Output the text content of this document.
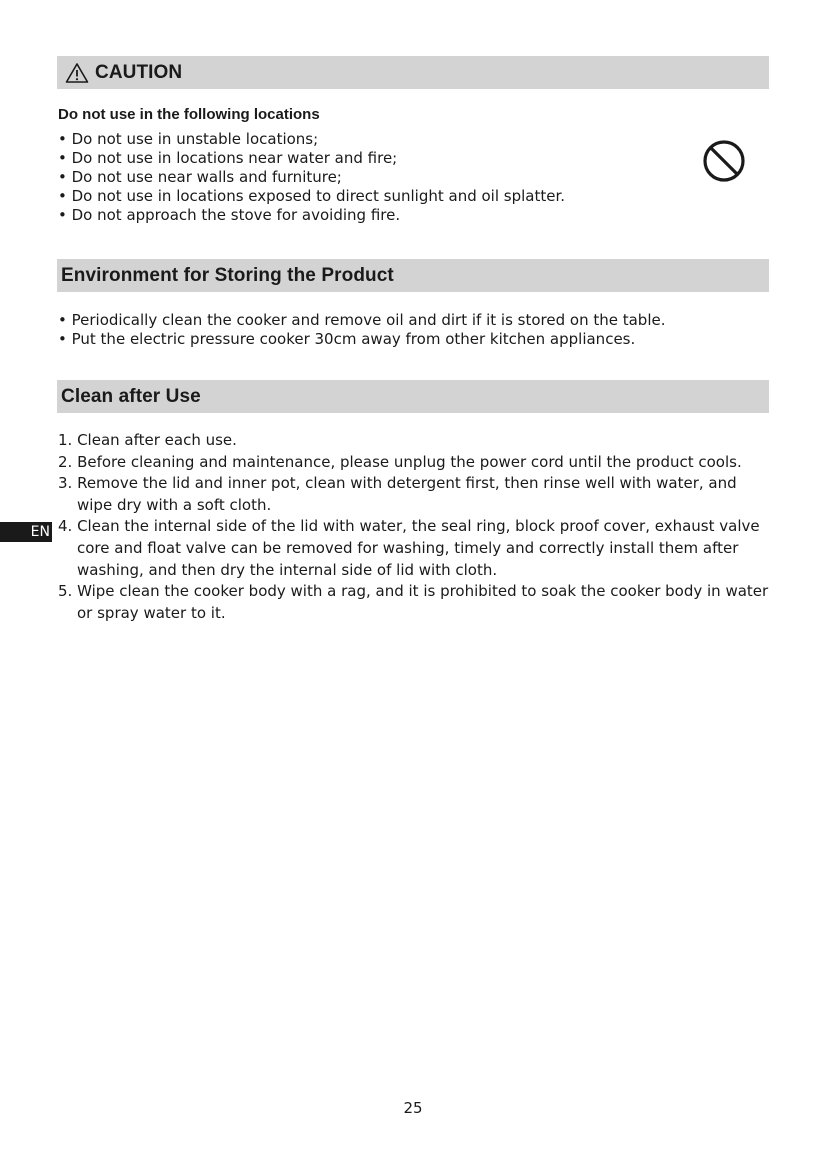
CAUTION
Do not use in the following locations
• Do not use in unstable locations;
• Do not use in locations near water and fire;
• Do not use near walls and furniture;
• Do not use in locations exposed to direct sunlight and oil splatter.
• Do not approach the stove for avoiding fire.
Environment for Storing the Product
• Periodically clean the cooker and remove oil and dirt if it is stored on the table.
• Put the electric pressure cooker 30cm away from other kitchen appliances.
Clean after Use
1. Clean after each use.
2. Before cleaning and maintenance, please unplug the power cord until the product cools.
3. Remove the lid and inner pot, clean with detergent first, then rinse well with water, and wipe dry with a soft cloth.
4. Clean the internal side of the lid with water, the seal ring, block proof cover, exhaust valve core and float valve can be removed for washing, timely and correctly install them after washing, and then dry the internal side of lid with cloth.
5. Wipe clean the cooker body with a rag, and it is prohibited to soak the cooker body in water or spray water to it.
EN
25
